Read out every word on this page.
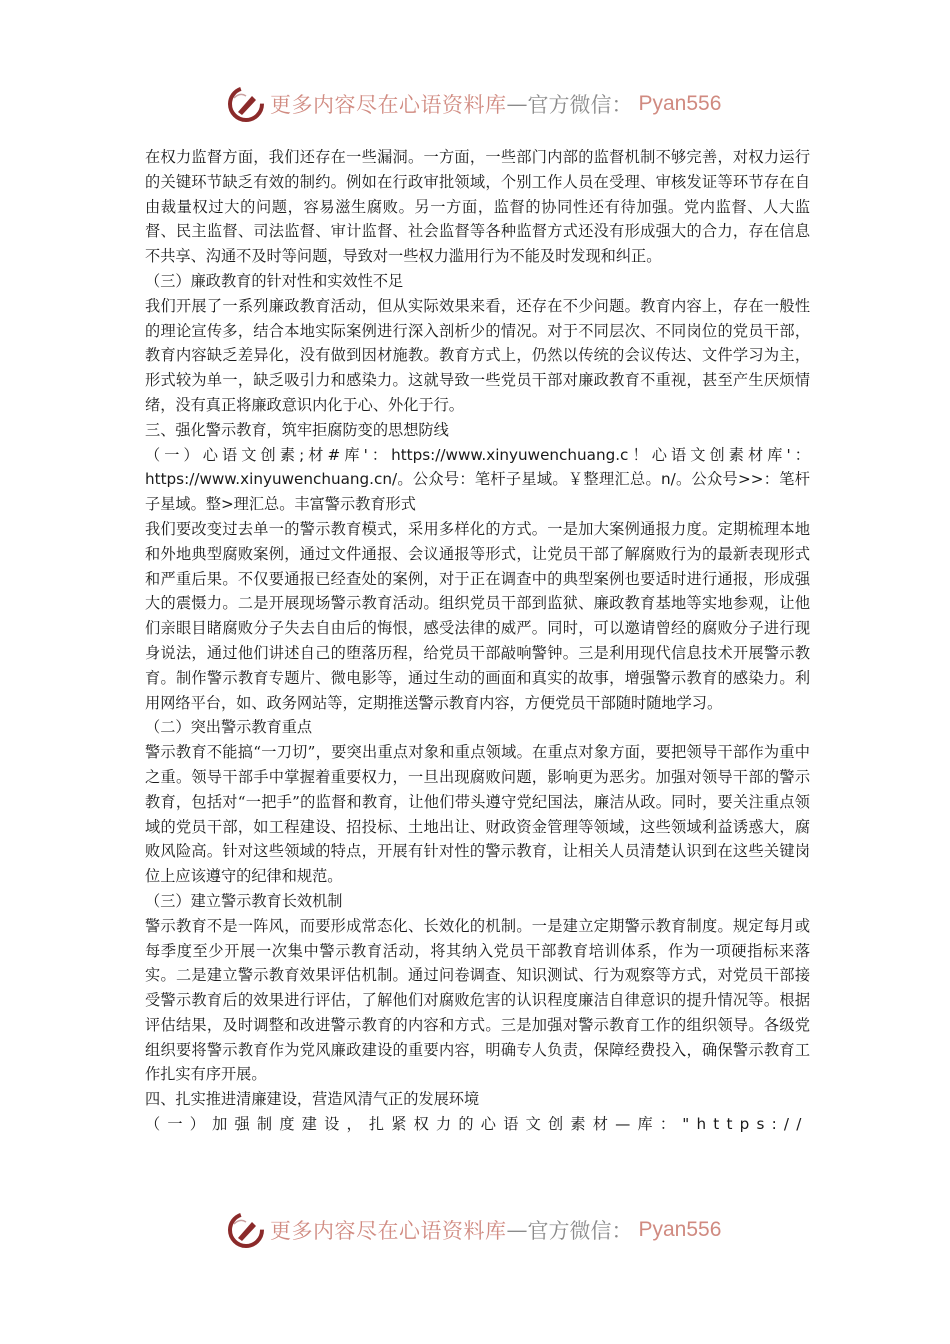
更多内容尽在心语资料库 — 官方微信： Pyan556

在权力监督方面，我们还存在一些漏洞。一方面，一些部门内部的监督机制不够完善，对权力运行的关键环节缺乏有效的制约。例如在行政审批领域，个别工作人员在受理、审核发证等环节存在自由裁量权过大的问题，容易滋生腐败。另一方面，监督的协同性还有待加强。党内监督、人大监督、民主监督、司法监督、审计监督、社会监督等各种监督方式还没有形成强大的合力，存在信息不共享、沟通不及时等问题，导致对一些权力滥用行为不能及时发现和纠正。

（三）廉政教育的针对性和实效性不足

我们开展了一系列廉政教育活动，但从实际效果来看，还存在不少问题。教育内容上，存在一般性的理论宣传多，结合本地实际案例进行深入剖析少的情况。对于不同层次、不同岗位的党员干部，教育内容缺乏差异化，没有做到因材施教。教育方式上，仍然以传统的会议传达、文件学习为主，形式较为单一，缺乏吸引力和感染力。这就导致一些党员干部对廉政教育不重视，甚至产生厌烦情绪，没有真正将廉政意识内化于心、外化于行。

三、强化警示教育，筑牢拒腐防变的思想防线

（一）心语文创素;材#库'：https://www.xinyuwenchuang.c！心语文创素材库'：https://www.xinyuwenchuang.cn/。公众号：笔杆子星域。￥整理汇总。n/。公众号>>：笔杆子星域。整>理汇总。丰富警示教育形式

我们要改变过去单一的警示教育模式，采用多样化的方式。一是加大案例通报力度。定期梳理本地和外地典型腐败案例，通过文件通报、会议通报等形式，让党员干部了解腐败行为的最新表现形式和严重后果。不仅要通报已经查处的案例，对于正在调查中的典型案例也要适时进行通报，形成强大的震慑力。二是开展现场警示教育活动。组织党员干部到监狱、廉政教育基地等实地参观，让他们亲眼目睹腐败分子失去自由后的悔恨，感受法律的威严。同时，可以邀请曾经的腐败分子进行现身说法，通过他们讲述自己的堕落历程，给党员干部敲响警钟。三是利用现代信息技术开展警示教育。制作警示教育专题片、微电影等，通过生动的画面和真实的故事，增强警示教育的感染力。利用网络平台，如、政务网站等，定期推送警示教育内容，方便党员干部随时随地学习。

（二）突出警示教育重点

警示教育不能搞“一刀切”，要突出重点对象和重点领域。在重点对象方面，要把领导干部作为重中之重。领导干部手中掌握着重要权力，一旦出现腐败问题，影响更为恶劣。加强对领导干部的警示教育，包括对“一把手”的监督和教育，让他们带头遵守党纪国法，廉洁从政。同时，要关注重点领域的党员干部，如工程建设、招投标、土地出让、财政资金管理等领域，这些领域利益诱惑大，腐败风险高。针对这些领域的特点，开展有针对性的警示教育，让相关人员清楚认识到在这些关键岗位上应该遵守的纪律和规范。

（三）建立警示教育长效机制

警示教育不是一阵风，而要形成常态化、长效化的机制。一是建立定期警示教育制度。规定每月或每季度至少开展一次集中警示教育活动，将其纳入党员干部教育培训体系，作为一项硬指标来落实。二是建立警示教育效果评估机制。通过问卷调查、知识测试、行为观察等方式，对党员干部接受警示教育后的效果进行评估，了解他们对腐败危害的认识程度廉洁自律意识的提升情况等。根据评估结果，及时调整和改进警示教育的内容和方式。三是加强对警示教育工作的组织领导。各级党组织要将警示教育作为党风廉政建设的重要内容，明确专人负责，保障经费投入，确保警示教育工作扎实有序开展。

四、扎实推进清廉建设，营造风清气正的发展环境

（一）加强制度建设，扎紧权力的心语文创素材—库："https://

更多内容尽在心语资料库 — 官方微信： Pyan556
